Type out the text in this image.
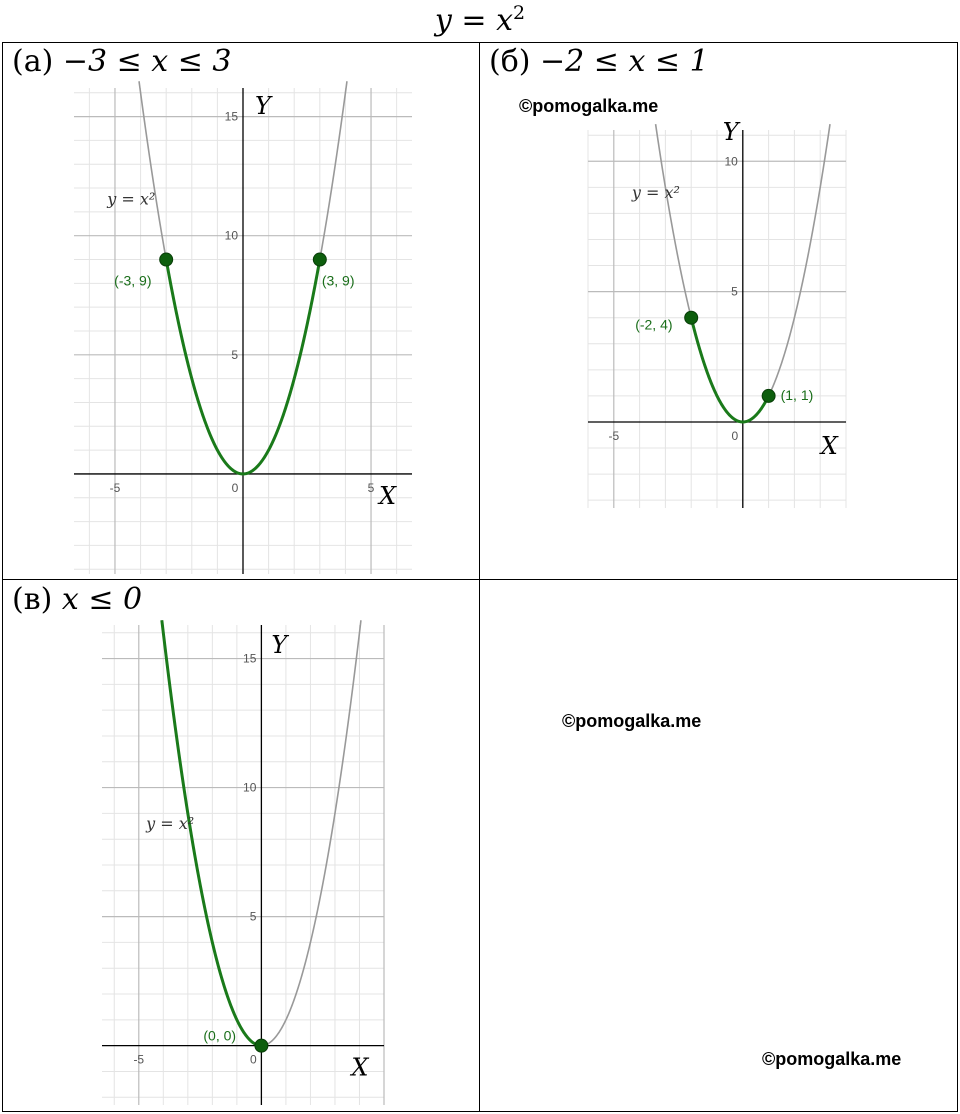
$y = x^2$
(а) −3 ≤ x ≤ 3	(б) −2 ≤ x ≤ 1
(в) x ≤ 0
©pomogalka.me
©pomogalka.me
©pomogalka.me
-5	0	5
5
10
15
(-3, 9)	(3, 9)
y = x²
Y
X
-5	0
5
10
(-2, 4)
(1, 1)
y = x²
Y
X
-5	0
5
10
15
(0, 0)
y = x²
Y
X
